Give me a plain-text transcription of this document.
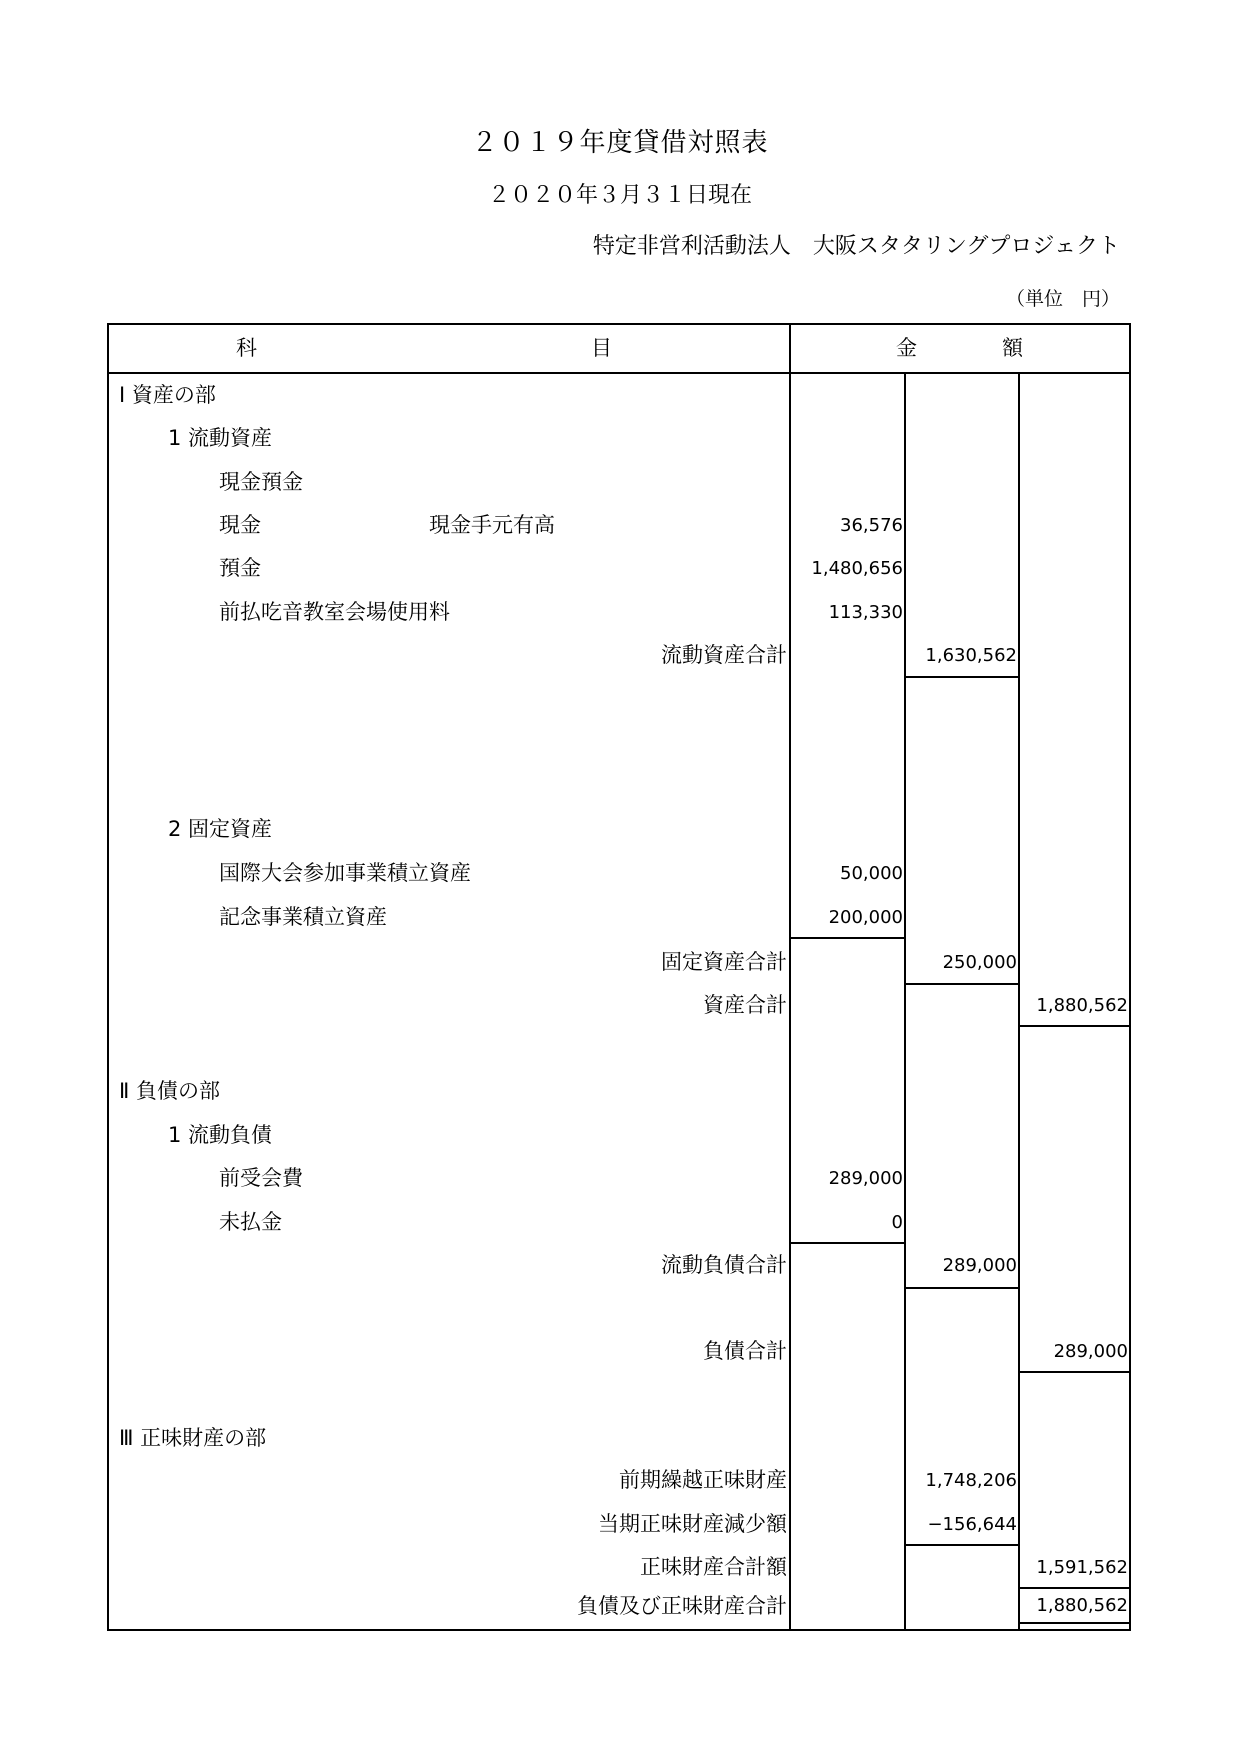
２０１９年度貸借対照表
２０２０年３月３１日現在
特定非営利活動法人　大阪スタタリングプロジェクト
（単位　円）
科	目	金	額
Ⅰ 資産の部
1 流動資産
現金預金
現金	現金手元有高	36,576
預金	1,480,656
前払吃音教室会場使用料	113,330
流動資産合計	1,630,562
2 固定資産
国際大会参加事業積立資産	50,000
記念事業積立資産	200,000
固定資産合計	250,000
資産合計	1,880,562
Ⅱ 負債の部
1 流動負債
前受会費	289,000
未払金	0
流動負債合計	289,000
負債合計	289,000
Ⅲ 正味財産の部
前期繰越正味財産	1,748,206
当期正味財産減少額	−156,644
正味財産合計額	1,591,562
負債及び正味財産合計	1,880,562
